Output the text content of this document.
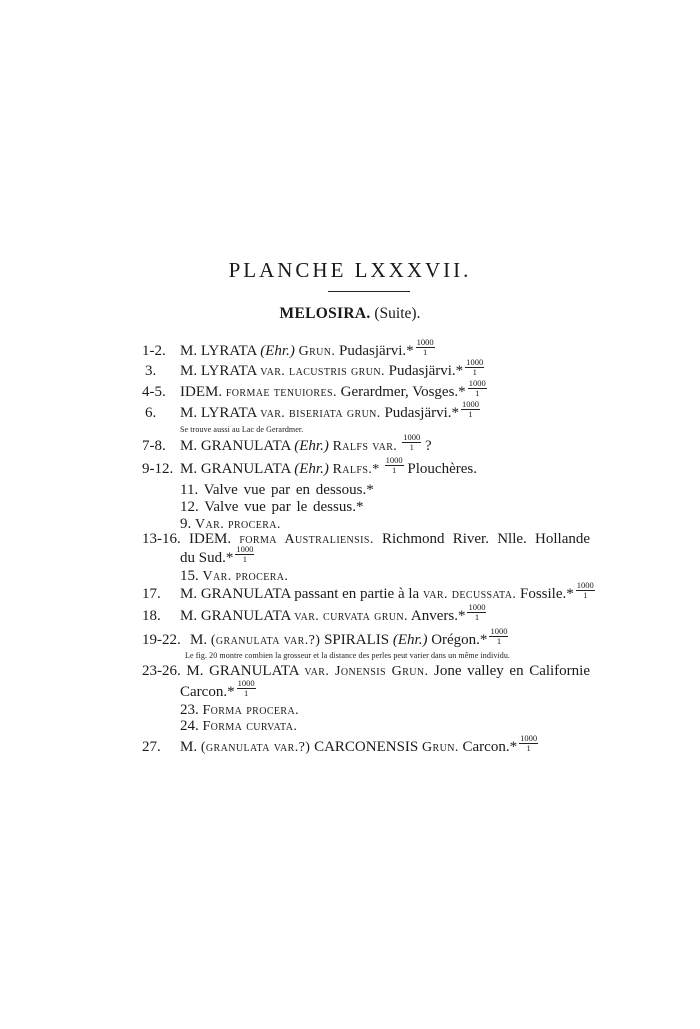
PLANCHE LXXXVII.
MELOSIRA. (Suite).
1-2. M. LYRATA (Ehr.) Grun. Pudasjärvi.* $\frac{1000}{1}$
3. M. LYRATA var. lacustris grun. Pudasjärvi.* $\frac{1000}{1}$
4-5. IDEM. formae tenuiores. Gerardmer, Vosges.* $\frac{1000}{1}$
6. M. LYRATA var. biseriata grun. Pudasjärvi.* $\frac{1000}{1}$
Se trouve aussi au Lac de Gerardmer.
7-8. M. GRANULATA (Ehr.) Ralfs var. $\frac{1000}{1}$ ?
9-12. M. GRANULATA (Ehr.) Ralfs.* $\frac{1000}{1}$ Plouchères.
11. Valve vue par en dessous.*
12. Valve vue par le dessus.*
9. Var. procera.
13-16. IDEM. forma Australiensis. Richmond River. Nlle. Hollande
du $Sud.* \frac{1000}{1}$
15. Var. procera.
17. M. GRANULATA passant en partie à la var. decussata. Fossile.* $\frac{1000}{1}$
18. M. GRANULATA var. curvata grun. Anvers.* $\frac{1000}{1}$
19-22. M. (granulata var.?) SPIRALIS (Ehr.) Orégon.* $\frac{1000}{1}$
Le fig. 20 montre combien la grosseur et la distance des perles peut varier dans un même individu.
23-26. M. GRANULATA var. Jonensis Grun. Jone valley en Californie
Carcon.* $\frac{1000}{1}$
23. Forma procera.
24. Forma curvata.
27. M. (granulata var.?) CARCONENSIS Grun. Carcon.* $\frac{1000}{1}$
